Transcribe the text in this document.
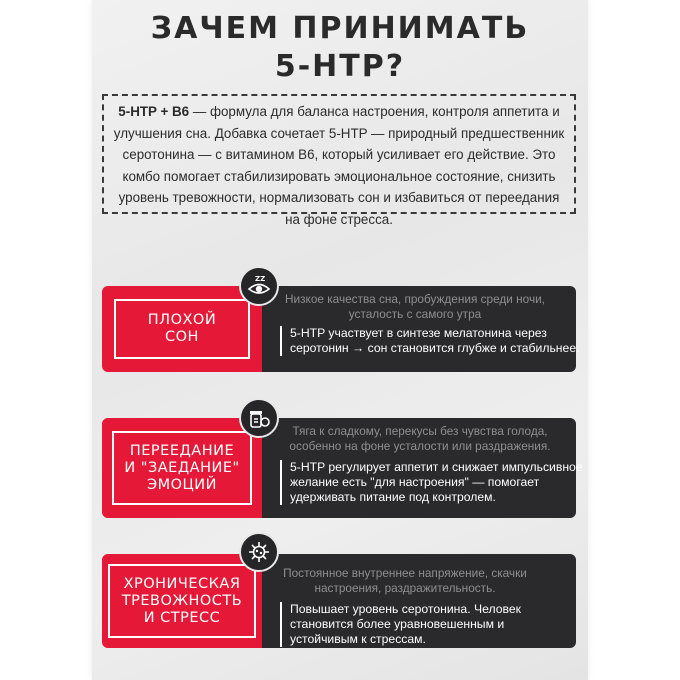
ЗАЧЕМ ПРИНИМАТЬ
5-HTP?
5-HTP + B6 — формула для баланса настроения, контроля аппетита и улучшения сна. Добавка сочетает 5-HTP — природный предшественник серотонина — с витамином В6, который усиливает его действие. Это комбо помогает стабилизировать эмоциональное состояние, снизить уровень тревожности, нормализовать сон и избавиться от переедания на фоне стресса.
ПЛОХОЙ
СОН
Низкое качества сна, пробуждения среди ночи, усталость с самого утра
5-HTP участвует в синтезе мелатонина через серотонин → сон становится глубже и стабильнее.
ZZ
ПЕРЕЕДАНИЕ
И "ЗАЕДАНИЕ"
ЭМОЦИЙ
Тяга к сладкому, перекусы без чувства голода, особенно на фоне усталости или раздражения.
5-HTP регулирует аппетит и снижает импульсивное желание есть "для настроения" — помогает удерживать питание под контролем.
ХРОНИЧЕСКАЯ
ТРЕВОЖНОСТЬ
И СТРЕСС
Постоянное внутреннее напряжение, скачки настроения, раздражительность.
Повышает уровень серотонина. Человек становится более уравновешенным и устойчивым к стрессам.
